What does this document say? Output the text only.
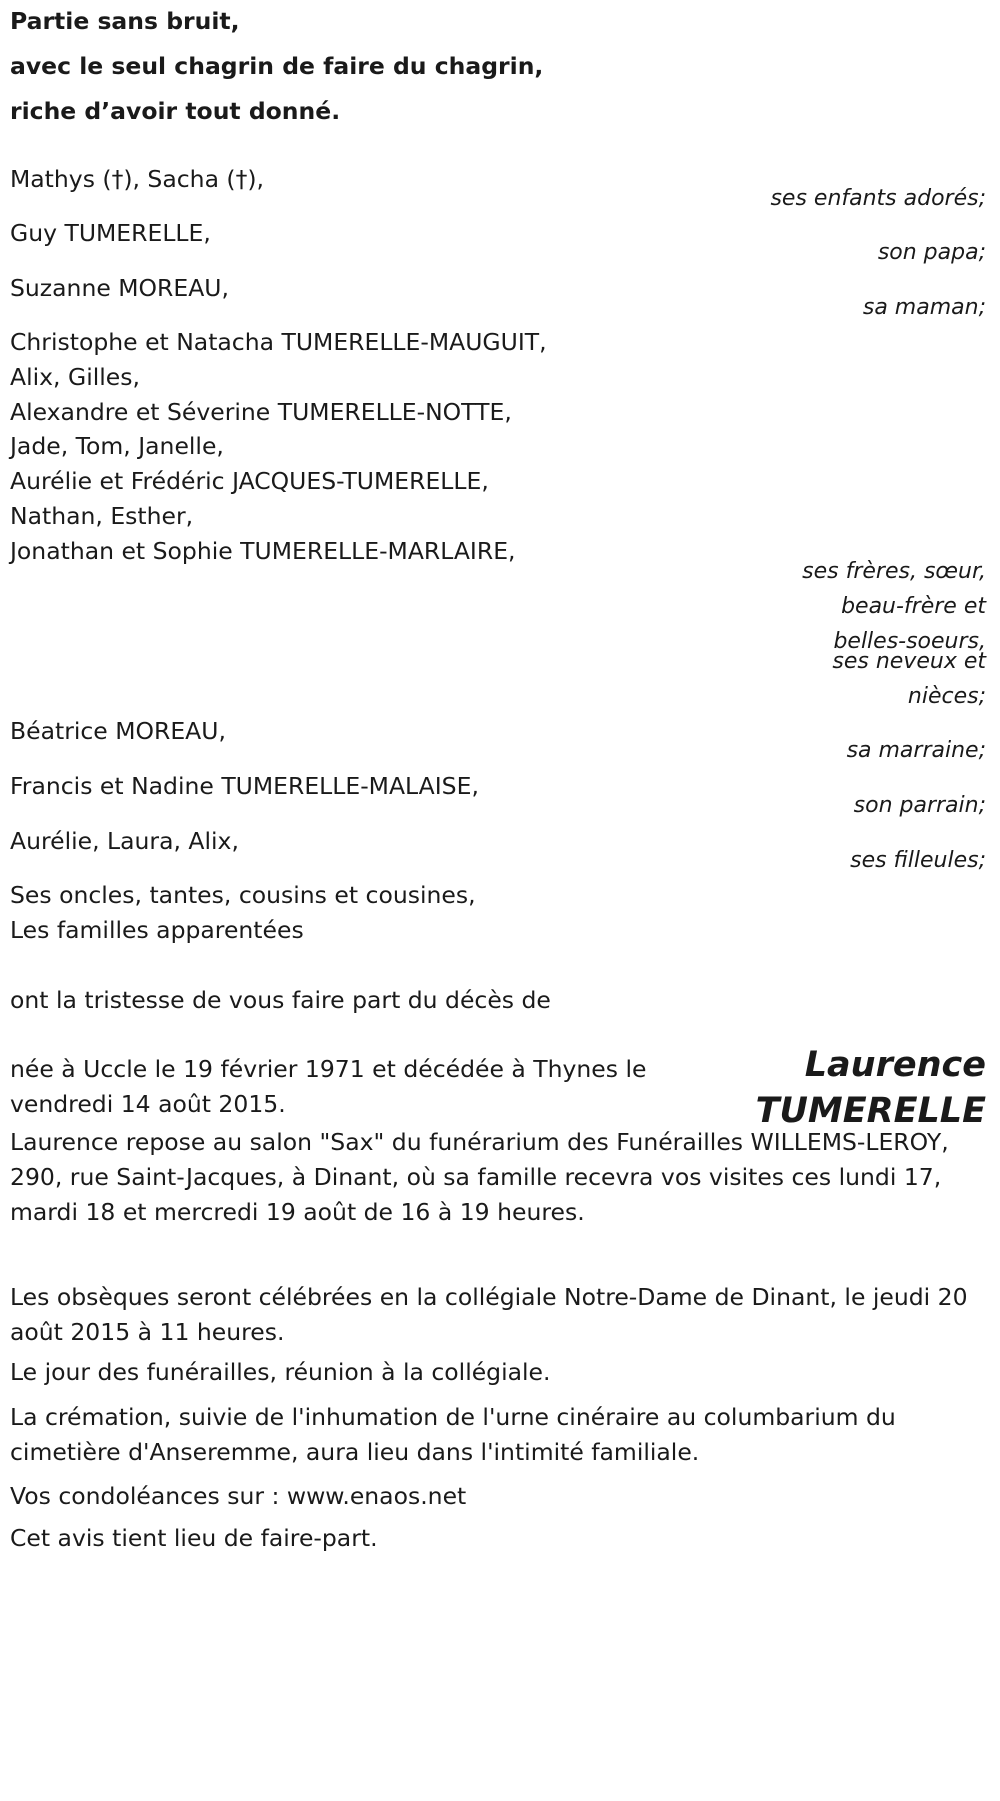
Partie sans bruit,
avec le seul chagrin de faire du chagrin,
riche d’avoir tout donné.
Mathys (†), Sacha (†),
ses enfants adorés;
Guy TUMERELLE,
son papa;
Suzanne MOREAU,
sa maman;
Christophe et Natacha TUMERELLE-MAUGUIT,
Alix, Gilles,
Alexandre et Séverine TUMERELLE-NOTTE,
Jade, Tom, Janelle,
Aurélie et Frédéric JACQUES-TUMERELLE,
Nathan, Esther,
Jonathan et Sophie TUMERELLE-MARLAIRE,
ses frères, sœur,
beau-frère et
belles-soeurs,
ses neveux et
nièces;
Béatrice MOREAU,
sa marraine;
Francis et Nadine TUMERELLE-MALAISE,
son parrain;
Aurélie, Laura, Alix,
ses filleules;
Ses oncles, tantes, cousins et cousines,
Les familles apparentées
ont la tristesse de vous faire part du décès de
Laurence
TUMERELLE
née à Uccle le 19 février 1971 et décédée à Thynes le vendredi 14 août 2015.
Laurence repose au salon "Sax" du funérarium des Funérailles WILLEMS-LEROY, 290, rue Saint-Jacques, à Dinant, où sa famille recevra vos visites ces lundi 17, mardi 18 et mercredi 19 août de 16 à 19 heures.
Les obsèques seront célébrées en la collégiale Notre-Dame de Dinant, le jeudi 20 août 2015 à 11 heures.
Le jour des funérailles, réunion à la collégiale.
La crémation, suivie de l'inhumation de l'urne cinéraire au columbarium du cimetière d'Anseremme, aura lieu dans l'intimité familiale.
Vos condoléances sur : www.enaos.net
Cet avis tient lieu de faire-part.
